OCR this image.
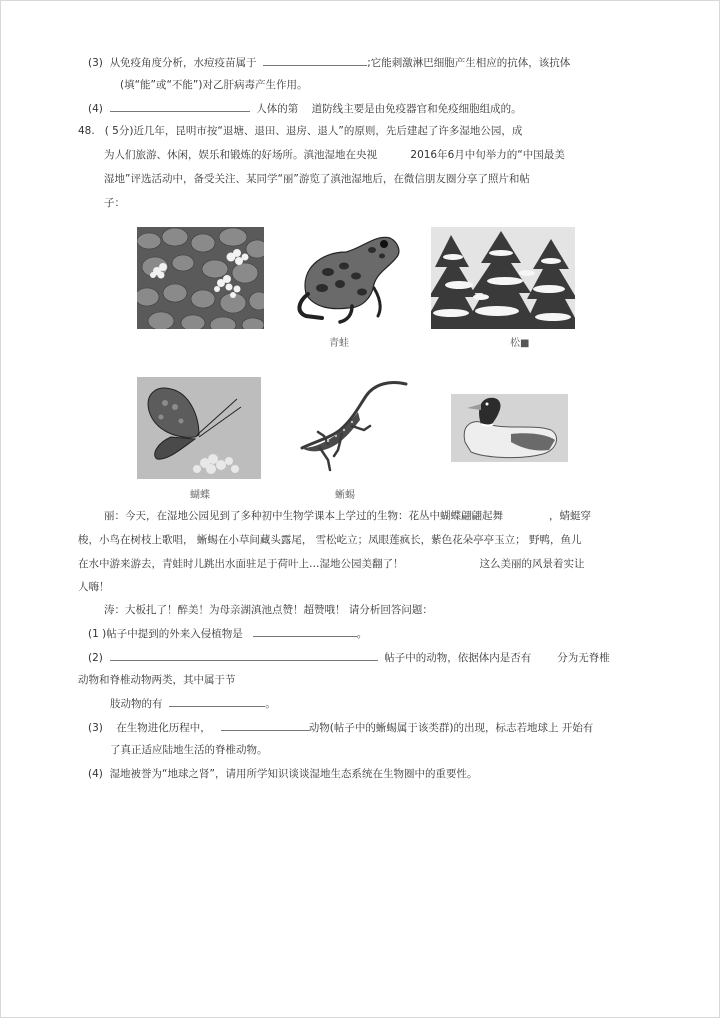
(3) 从免疫角度分析，水痘疫苗属于	;它能刺激淋巴细胞产生相应的抗体，该抗体
(填“能”或“不能”)对乙肝病毒产生作用。
(4)	人体的第 道防线主要是由免疫器官和免疫细胞组成的。
48. ( 5分)近几年，昆明市按“退塘、退田、退房、退人”的原则，先后建起了许多湿地公园，成
为人们旅游、休闲，娱乐和锻炼的好场所。滇池湿地在央视	2016年6月中旬举力的“中国最美
湿地”评选活动中，备受关注、某同学“丽”游览了滇池湿地后，在微信朋友圈分享了照片和帖
子：
青蛙	松■
蝴蝶	蜥蜴
丽：今天，在湿地公园见到了多种初中生物学课本上学过的生物：花丛中蝴蝶翩翩起舞	，蜻蜓穿
梭，小鸟在树枝上歌唱， 蜥蜴在小草间藏头露尾， 雪松屹立；凤眼莲疯长，紫色花朵亭亭玉立； 野鸭，鱼儿
在水中游来游去，青蛙时儿跳出水面驻足于荷叶上…湿地公园美翻了！	这么美丽的风景着实让
人嗨！
涛：大板扎了！醉美！为母亲湖滇池点赞！超赞哦！ 请分析回答问题：
(1 )帖子中提到的外来入侵植物是	。
(2)	帖子中的动物，依据体内是否有 分为无脊椎
动物和脊椎动物两类，其中属于节
肢动物的有	。
(3) 在生物进化历程中，	动物(帖子中的蜥蜴属于该类群)的出现，标志若地球上 开始有
了真正适应陆地生活的脊椎动物。
(4) 湿地被誉为“地球之肾”，请用所学知识谈谈湿地生态系统在生物圈中的重要性。
